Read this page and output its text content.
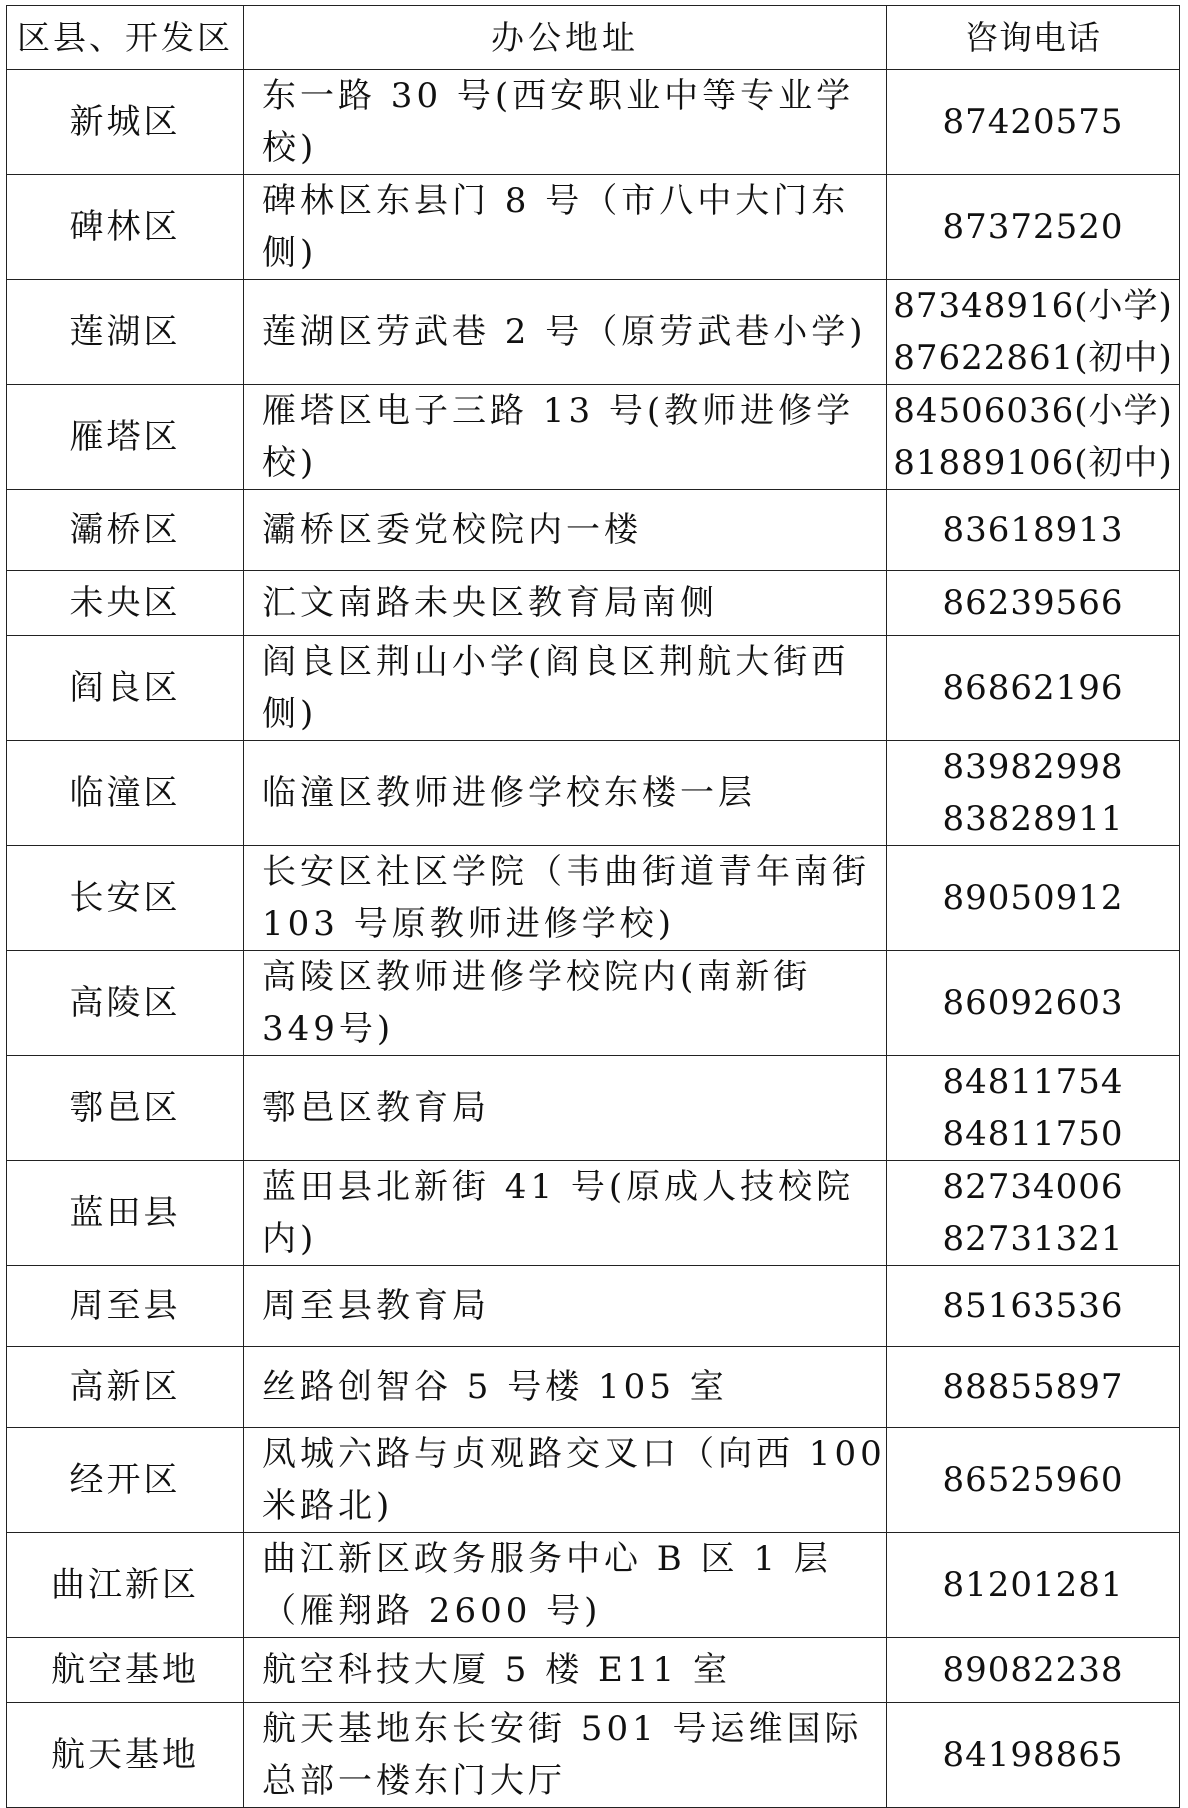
区县、开发区	办公地址	咨询电话
新城区	东一路 30 号(西安职业中等专业学校)	87420575

碑林区	碑林区东县门 8 号（市八中大门东侧)	87372520

莲湖区	莲湖区劳武巷 2 号（原劳武巷小学)	87348916(小学)
87622861(初中)

雁塔区	雁塔区电子三路 13 号(教师进修学校)	84506036(小学)
81889106(初中)

灞桥区	灞桥区委党校院内一楼	83618913

未央区	汇文南路未央区教育局南侧	86239566

阎良区	阎良区荆山小学(阎良区荆航大街西侧)	86862196

临潼区	临潼区教师进修学校东楼一层	83982998
83828911

长安区	长安区社区学院（韦曲街道青年南街 103 号原教师进修学校)	89050912

高陵区	高陵区教师进修学校院内(南新街349号)	86092603

鄠邑区	鄠邑区教育局	84811754
84811750

蓝田县	蓝田县北新街 41 号(原成人技校院内)	82734006
82731321

周至县	周至县教育局	85163536

高新区	丝路创智谷 5 号楼 105 室	88855897

经开区	凤城六路与贞观路交叉口（向西 100 米路北)	86525960

曲江新区	曲江新区政务服务中心 B 区 1 层（雁翔路 2600 号)	81201281

航空基地	航空科技大厦 5 楼 E11 室	89082238

航天基地	航天基地东长安街 501 号运维国际总部一楼东门大厅	84198865
